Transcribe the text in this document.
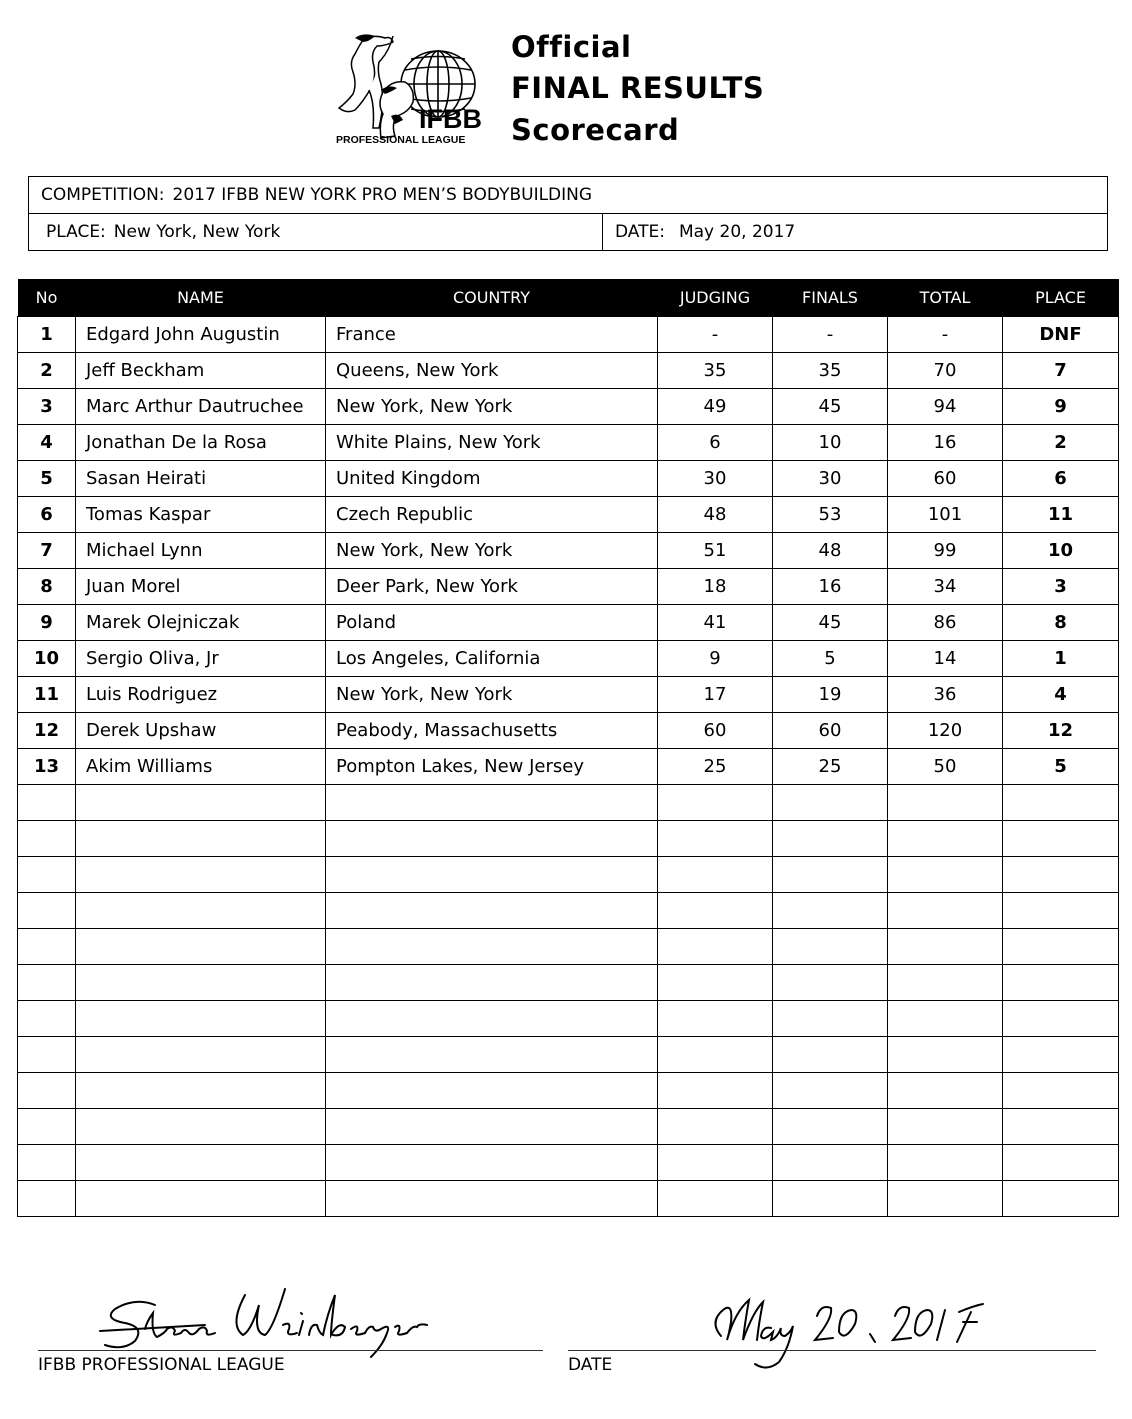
IFBB
PROFESSIONAL LEAGUE
Official
FINAL RESULTS
Scorecard
COMPETITION: 2017 IFBB NEW YORK PRO MEN’S BODYBUILDING
PLACE: New York, New York	DATE: May 20, 2017
No	NAME	COUNTRY	JUDGING	FINALS	TOTAL	PLACE
1	Edgard John Augustin	France	-	-	-	DNF
2	Jeff Beckham	Queens, New York	35	35	70	7
3	Marc Arthur Dautruchee	New York, New York	49	45	94	9
4	Jonathan De la Rosa	White Plains, New York	6	10	16	2
5	Sasan Heirati	United Kingdom	30	30	60	6
6	Tomas Kaspar	Czech Republic	48	53	101	11
7	Michael Lynn	New York, New York	51	48	99	10
8	Juan Morel	Deer Park, New York	18	16	34	3
9	Marek Olejniczak	Poland	41	45	86	8
10	Sergio Oliva, Jr	Los Angeles, California	9	5	14	1
11	Luis Rodriguez	New York, New York	17	19	36	4
12	Derek Upshaw	Peabody, Massachusetts	60	60	120	12
13	Akim Williams	Pompton Lakes, New Jersey	25	25	50	5

IFBB PROFESSIONAL LEAGUE	DATE
